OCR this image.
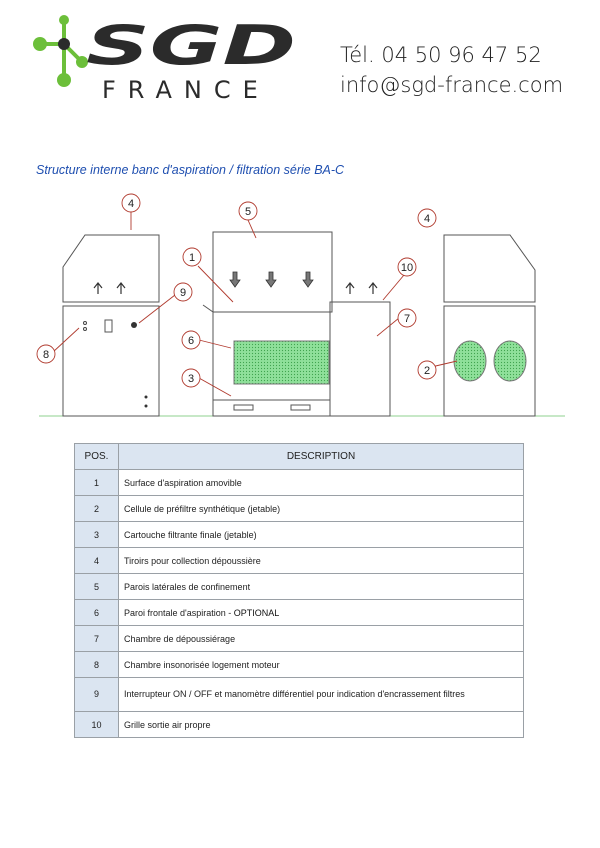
SGD
FRANCE
Tél. 04 50 96 47 52
info@sgd-france.com
Structure interne banc d'aspiration / filtration série BA-C
4
5
1
10
9
7
6
8
3
4
2
POS.	DESCRIPTION
1	Surface d'aspiration amovible
2	Cellule de préfiltre synthétique (jetable)
3	Cartouche filtrante finale (jetable)
4	Tiroirs pour collection dépoussière
5	Parois latérales de confinement
6	Paroi frontale d'aspiration - OPTIONAL
7	Chambre de dépoussiérage
8	Chambre insonorisée logement moteur
9	Interrupteur ON / OFF et manomètre différentiel pour indication d'encrassement filtres
10	Grille sortie air propre
